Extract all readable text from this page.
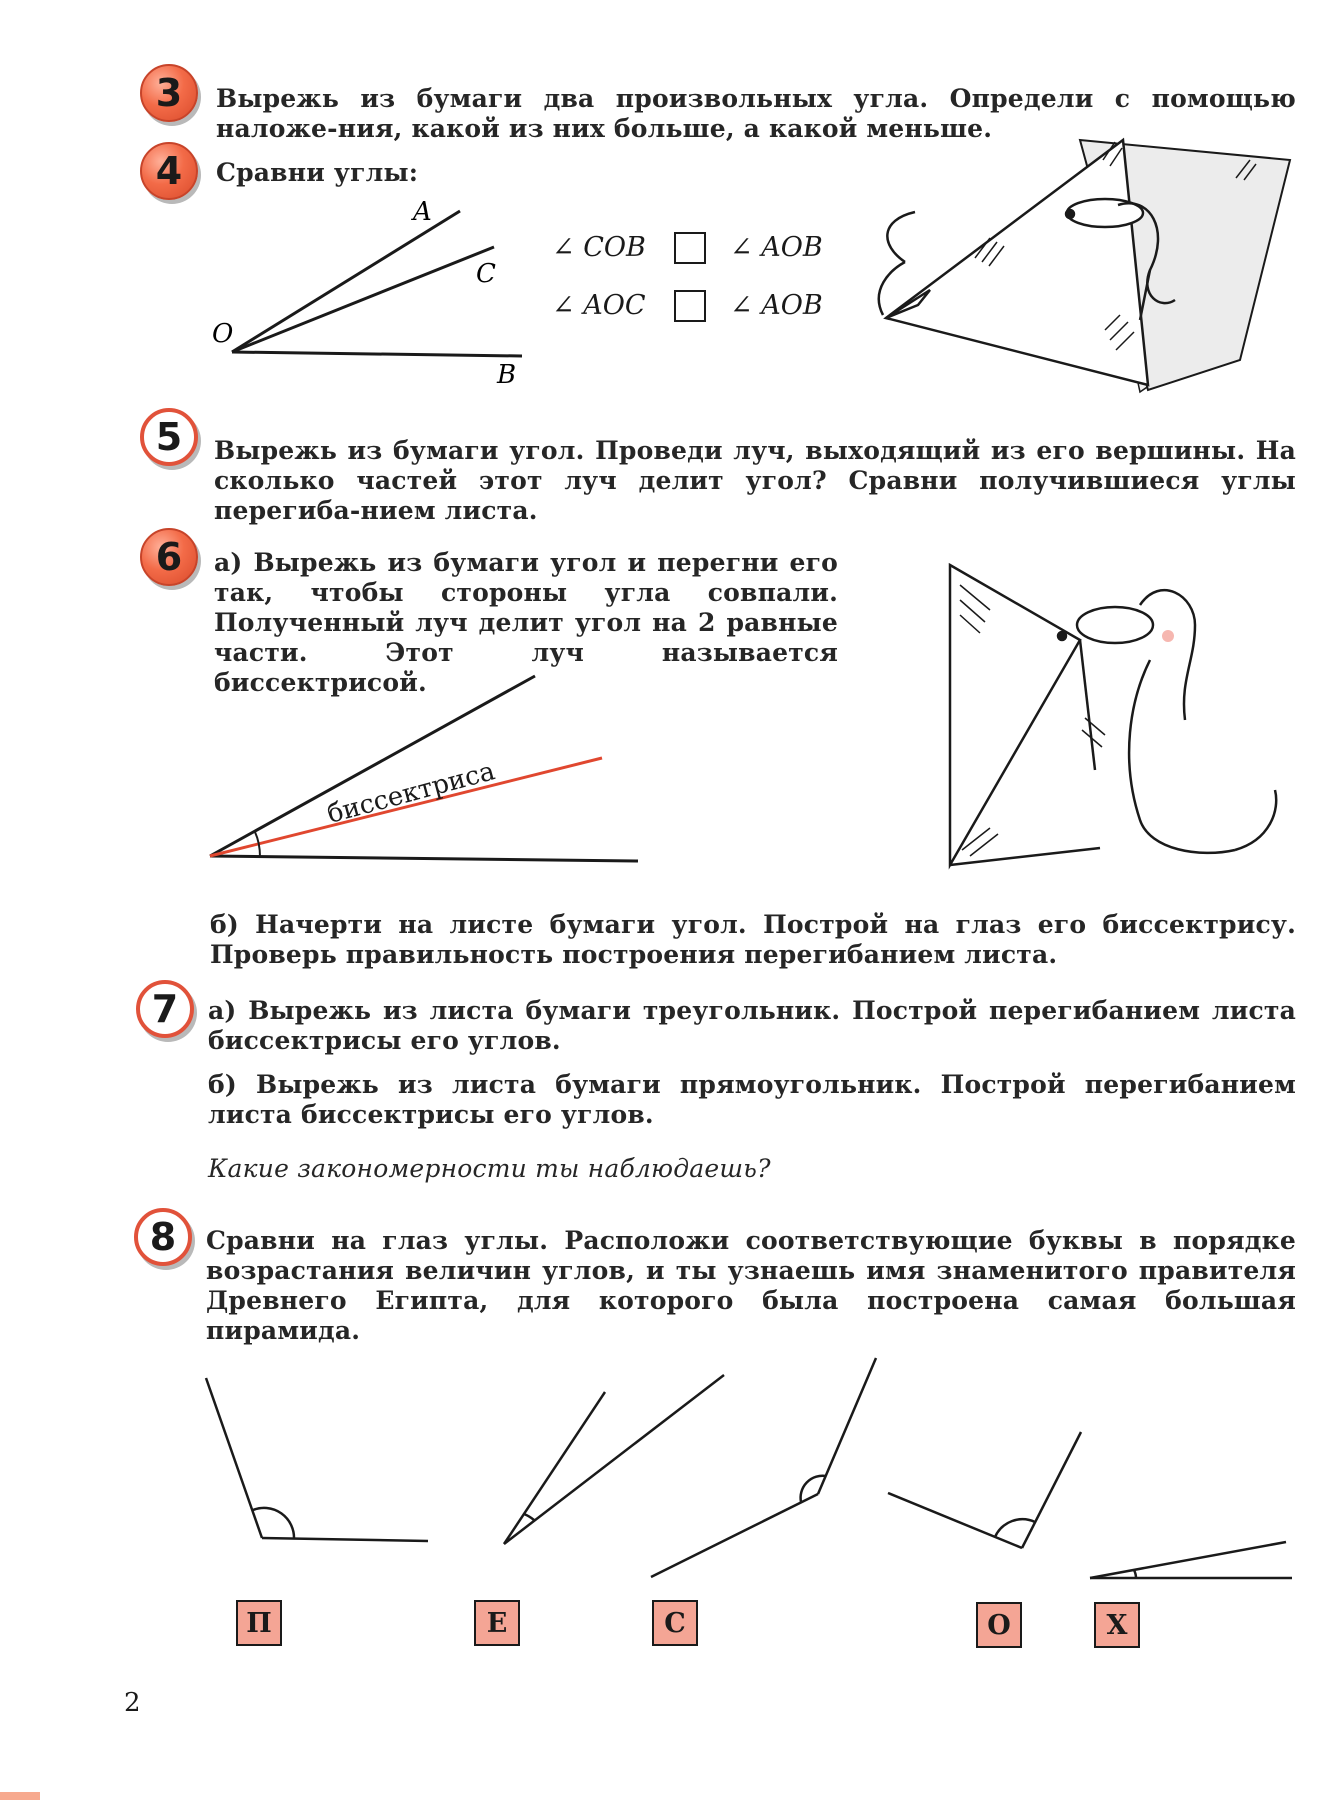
A
C
O
B
биссектриса
3	Вырежь из бумаги два произвольных угла. Определи с помощью наложе-ния, какой из них больше, а какой меньше.
4	Сравни углы:
∠ COB	∠ AOB
∠ AOC	∠ AOB
5	Вырежь из бумаги угол. Проведи луч, выходящий из его вершины. На сколько частей этот луч делит угол? Сравни получившиеся углы перегиба-нием листа.
6	а) Вырежь из бумаги угол и перегни его так, чтобы стороны угла совпали. Полученный луч делит угол на 2 равные части. Этот луч называется биссектрисой.
б) Начерти на листе бумаги угол. Построй на глаз его биссектрису. Проверь правильность построения перегибанием листа.
7	а) Вырежь из листа бумаги треугольник. Построй перегибанием листа биссектрисы его углов.
б) Вырежь из листа бумаги прямоугольник. Построй перегибанием листа биссектрисы его углов.
Какие закономерности ты наблюдаешь?
8	Сравни на глаз углы. Расположи соответствующие буквы в порядке возрастания величин углов, и ты узнаешь имя знаменитого правителя Древнего Египта, для которого была построена самая большая пирамида.
П	Е	С	О	Х
2
